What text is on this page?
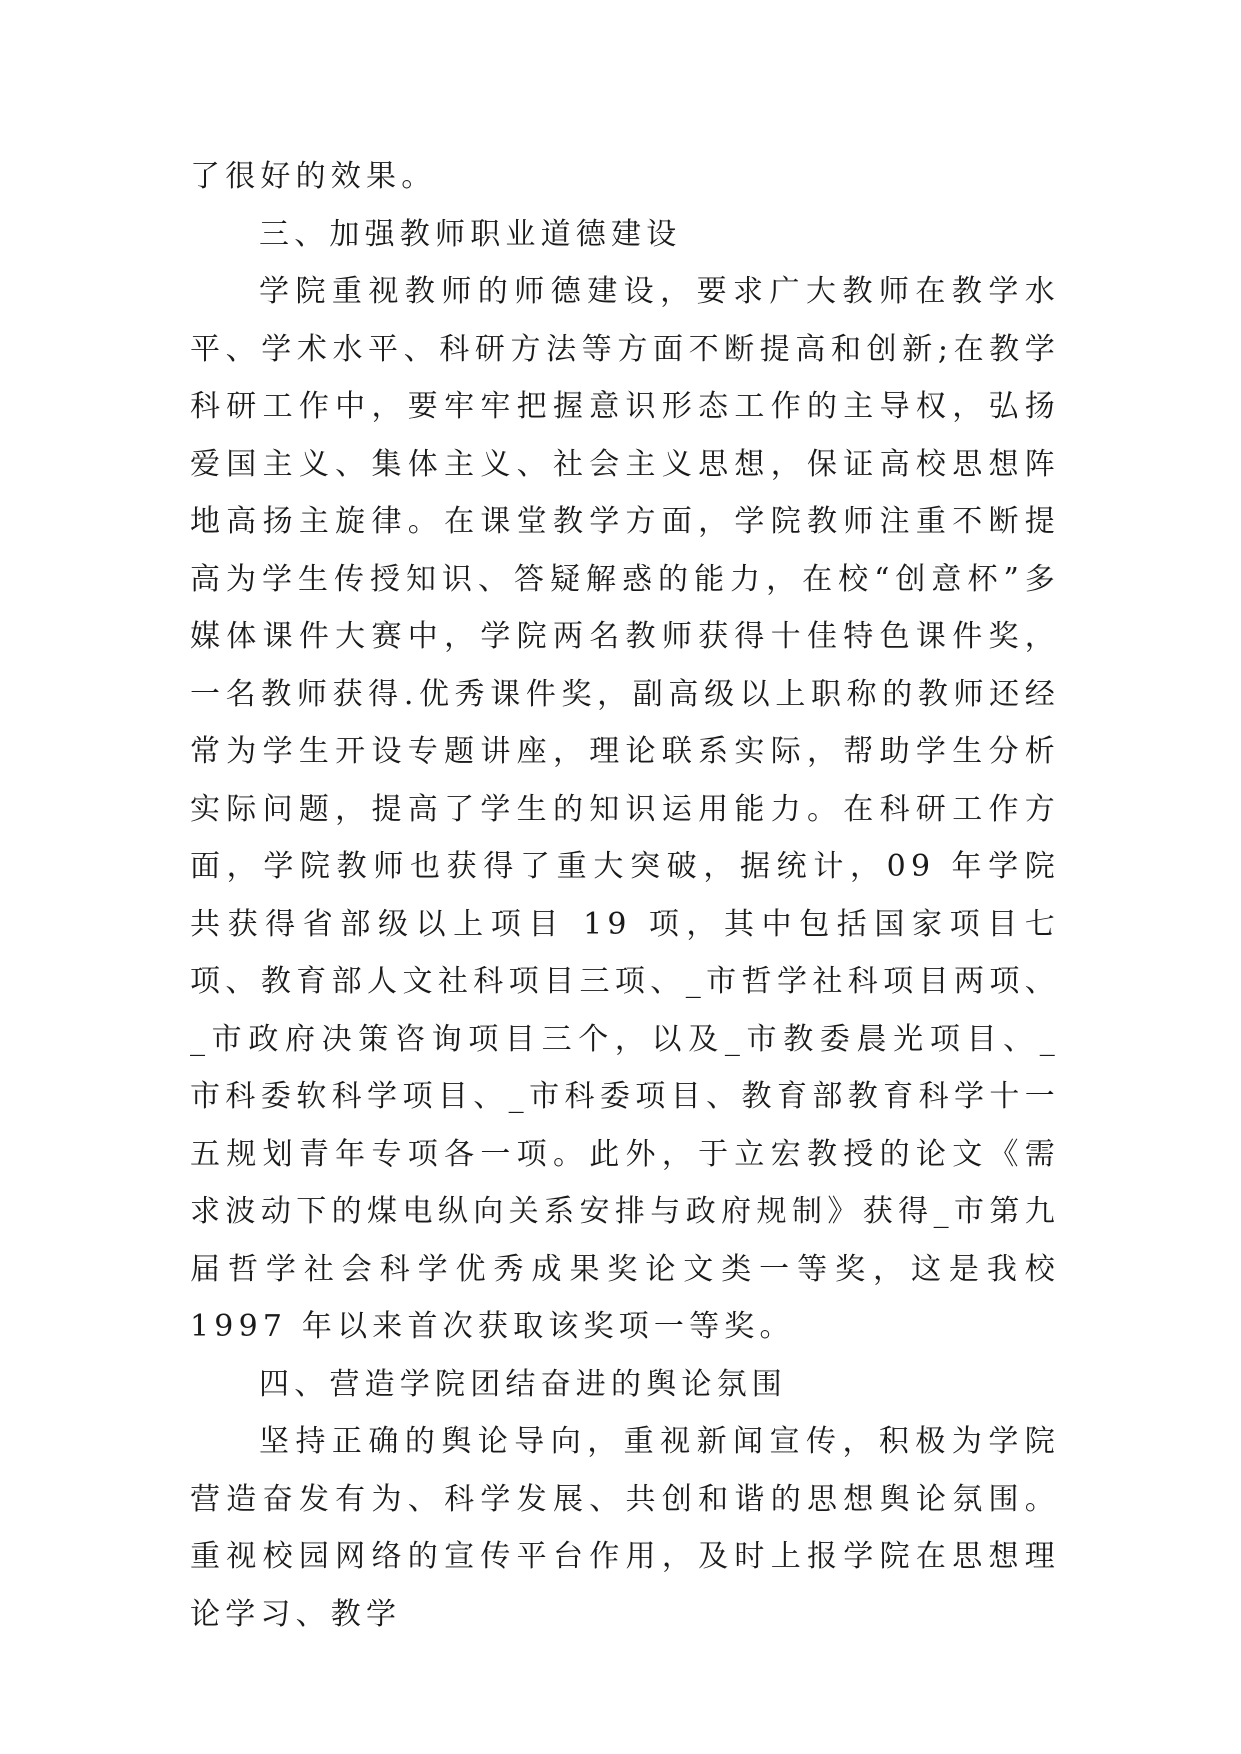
了很好的效果。

三、加强教师职业道德建设

学院重视教师的师德建设，要求广大教师在教学水平、学术水平、科研方法等方面不断提高和创新;在教学科研工作中，要牢牢把握意识形态工作的主导权，弘扬爱国主义、集体主义、社会主义思想，保证高校思想阵地高扬主旋律。在课堂教学方面，学院教师注重不断提高为学生传授知识、答疑解惑的能力，在校“创意杯”多媒体课件大赛中，学院两名教师获得十佳特色课件奖，一名教师获得.优秀课件奖，副高级以上职称的教师还经常为学生开设专题讲座，理论联系实际，帮助学生分析实际问题，提高了学生的知识运用能力。在科研工作方面，学院教师也获得了重大突破，据统计，09 年学院共获得省部级以上项目 19 项，其中包括国家项目七项、教育部人文社科项目三项、_市哲学社科项目两项、_市政府决策咨询项目三个，以及_市教委晨光项目、_市科委软科学项目、_市科委项目、教育部教育科学十一五规划青年专项各一项。此外，于立宏教授的论文《需求波动下的煤电纵向关系安排与政府规制》获得_市第九届哲学社会科学优秀成果奖论文类一等奖，这是我校 1997 年以来首次获取该奖项一等奖。

四、营造学院团结奋进的舆论氛围

坚持正确的舆论导向，重视新闻宣传，积极为学院营造奋发有为、科学发展、共创和谐的思想舆论氛围。重视校园网络的宣传平台作用，及时上报学院在思想理论学习、教学
